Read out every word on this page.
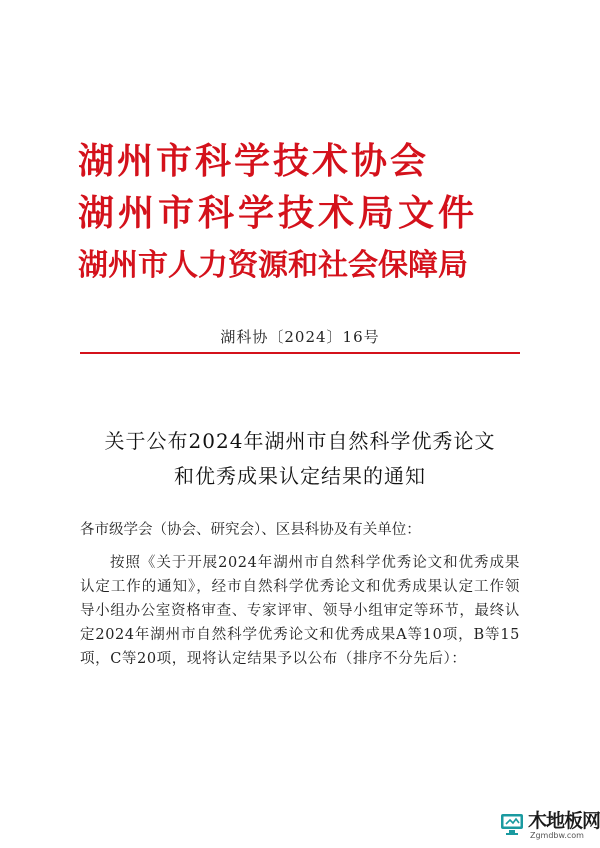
湖州市科学技术协会
湖州市科学技术局文件
湖州市人力资源和社会保障局
湖科协〔2024〕16号
关于公布2024年湖州市自然科学优秀论文
和优秀成果认定结果的通知
各市级学会（协会、研究会）、区县科协及有关单位：
按照《关于开展2024年湖州市自然科学优秀论文和优秀成果认定工作的通知》，经市自然科学优秀论文和优秀成果认定工作领导小组办公室资格审查、专家评审、领导小组审定等环节，最终认定2024年湖州市自然科学优秀论文和优秀成果A等10项，B等15项，C等20项，现将认定结果予以公布（排序不分先后）：
木地板网
Zgmdbw.com
